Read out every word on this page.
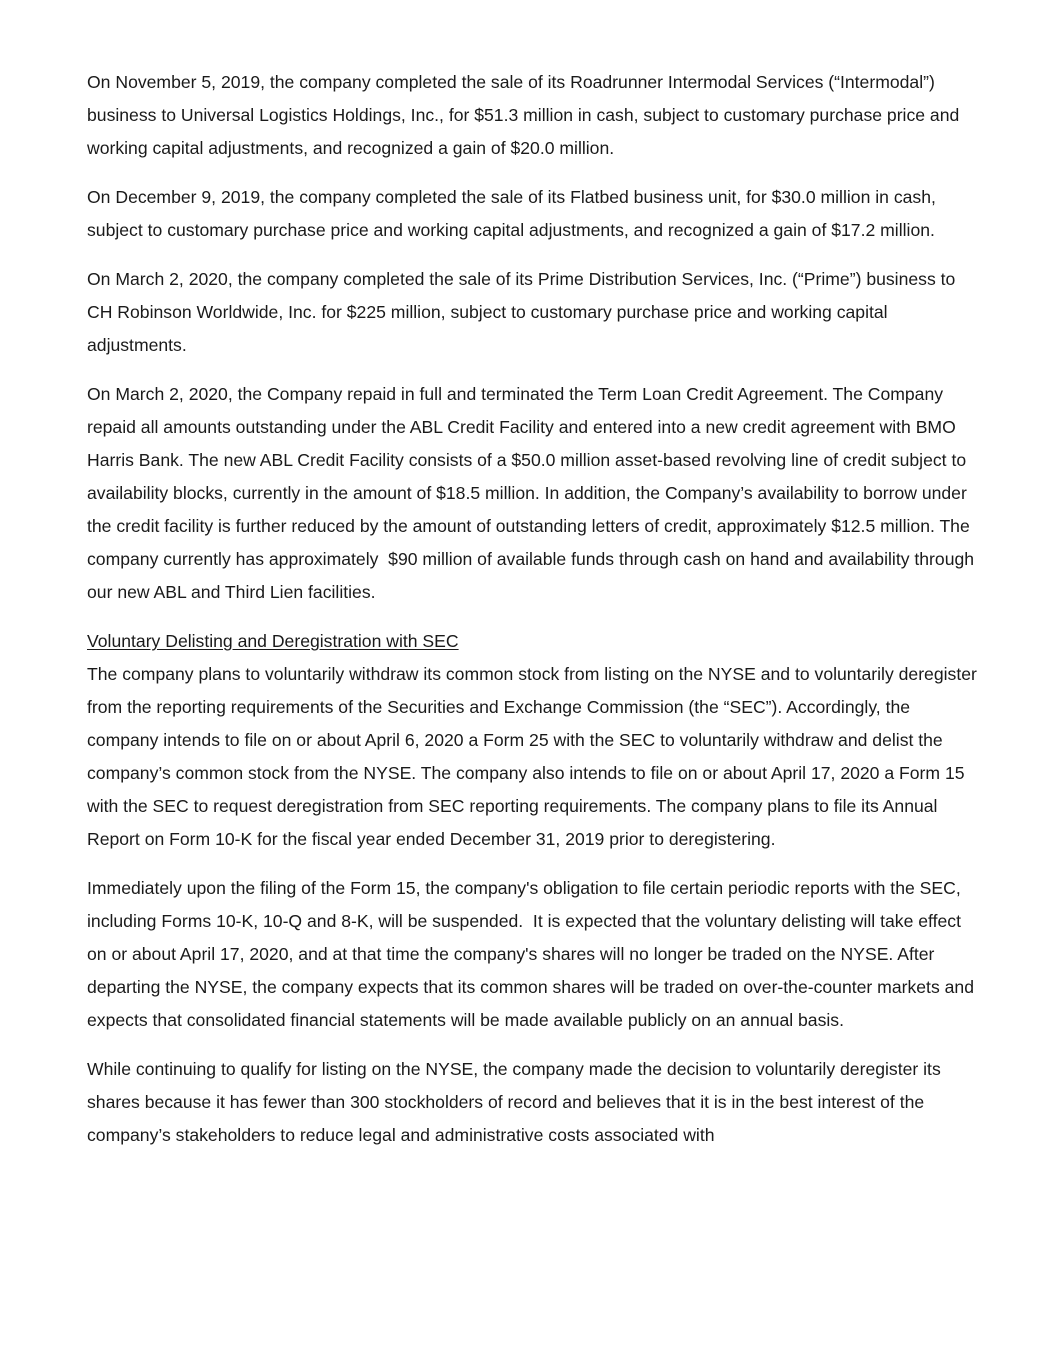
On November 5, 2019, the company completed the sale of its Roadrunner Intermodal Services (“Intermodal”) business to Universal Logistics Holdings, Inc., for $51.3 million in cash, subject to customary purchase price and working capital adjustments, and recognized a gain of $20.0 million.

On December 9, 2019, the company completed the sale of its Flatbed business unit, for $30.0 million in cash, subject to customary purchase price and working capital adjustments, and recognized a gain of $17.2 million.

On March 2, 2020, the company completed the sale of its Prime Distribution Services, Inc. (“Prime”) business to CH Robinson Worldwide, Inc. for $225 million, subject to customary purchase price and working capital adjustments.

On March 2, 2020, the Company repaid in full and terminated the Term Loan Credit Agreement. The Company repaid all amounts outstanding under the ABL Credit Facility and entered into a new credit agreement with BMO Harris Bank. The new ABL Credit Facility consists of a $50.0 million asset-based revolving line of credit subject to availability blocks, currently in the amount of $18.5 million. In addition, the Company’s availability to borrow under the credit facility is further reduced by the amount of outstanding letters of credit, approximately $12.5 million. The company currently has approximately  $90 million of available funds through cash on hand and availability through our new ABL and Third Lien facilities.

Voluntary Delisting and Deregistration with SEC

The company plans to voluntarily withdraw its common stock from listing on the NYSE and to voluntarily deregister from the reporting requirements of the Securities and Exchange Commission (the “SEC”). Accordingly, the company intends to file on or about April 6, 2020 a Form 25 with the SEC to voluntarily withdraw and delist the company’s common stock from the NYSE. The company also intends to file on or about April 17, 2020 a Form 15 with the SEC to request deregistration from SEC reporting requirements. The company plans to file its Annual Report on Form 10-K for the fiscal year ended December 31, 2019 prior to deregistering.

Immediately upon the filing of the Form 15, the company's obligation to file certain periodic reports with the SEC, including Forms 10-K, 10-Q and 8-K, will be suspended.  It is expected that the voluntary delisting will take effect on or about April 17, 2020, and at that time the company's shares will no longer be traded on the NYSE. After departing the NYSE, the company expects that its common shares will be traded on over-the-counter markets and expects that consolidated financial statements will be made available publicly on an annual basis.

While continuing to qualify for listing on the NYSE, the company made the decision to voluntarily deregister its shares because it has fewer than 300 stockholders of record and believes that it is in the best interest of the company’s stakeholders to reduce legal and administrative costs associated with
